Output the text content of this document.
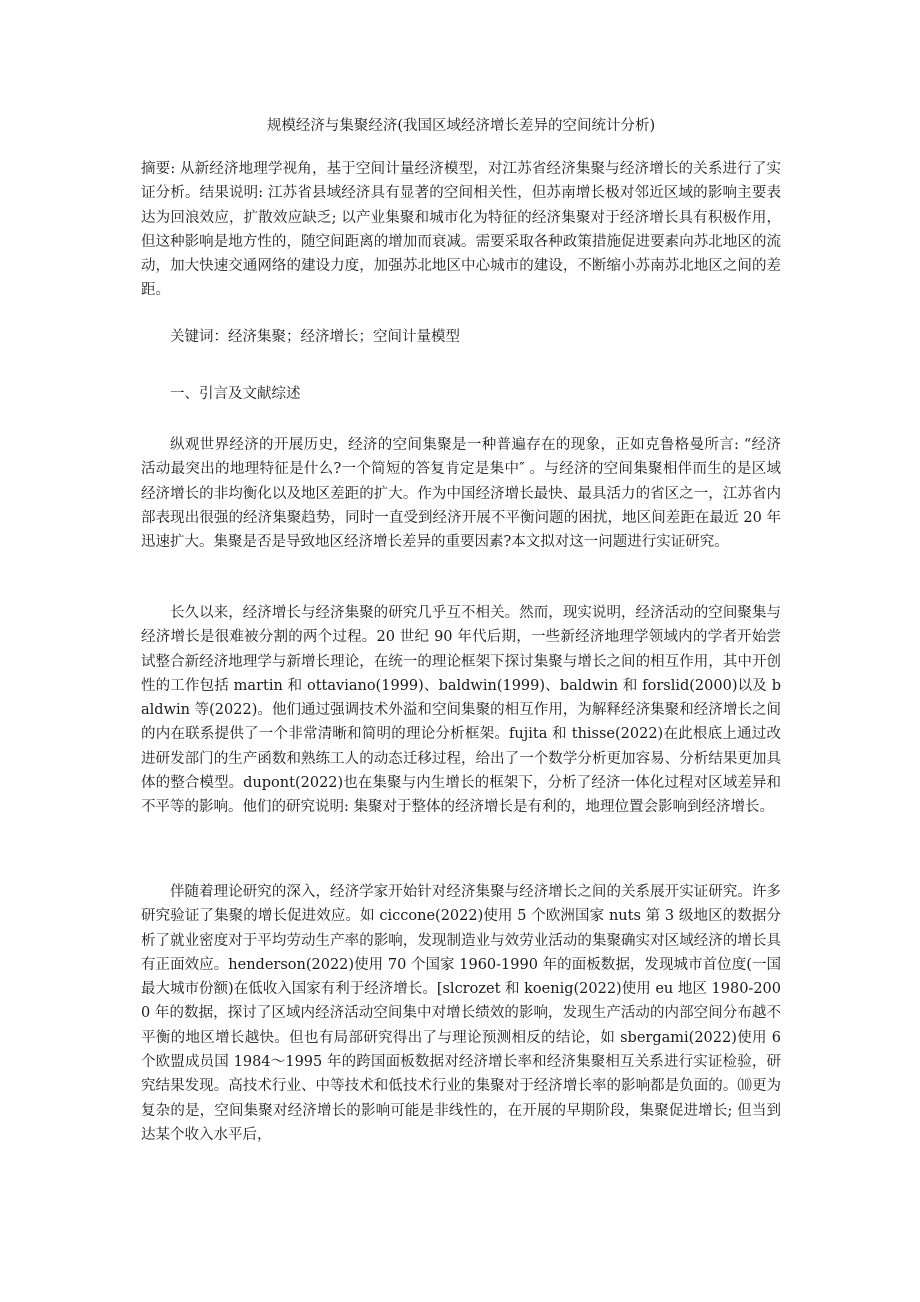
规模经济与集聚经济(我国区域经济增长差异的空间统计分析)

摘要: 从新经济地理学视角，基于空间计量经济模型，对江苏省经济集聚与经济增长的关系进行了实证分析。结果说明: 江苏省县域经济具有显著的空间相关性，但苏南增长极对邻近区域的影响主要表达为回浪效应，扩散效应缺乏; 以产业集聚和城市化为特征的经济集聚对于经济增长具有积极作用，但这种影响是地方性的，随空间距离的增加而衰减。需要采取各种政策措施促进要素向苏北地区的流动，加大快速交通网络的建设力度，加强苏北地区中心城市的建设，不断缩小苏南苏北地区之间的差距。

关键词：经济集聚；经济增长；空间计量模型

一、引言及文献综述

纵观世界经济的开展历史，经济的空间集聚是一种普遍存在的现象，正如克鲁格曼所言: “经济活动最突出的地理特征是什么?一个简短的答复肯定是集中″ 。与经济的空间集聚相伴而生的是区域经济增长的非均衡化以及地区差距的扩大。作为中国经济增长最快、最具活力的省区之一，江苏省内部表现出很强的经济集聚趋势，同时一直受到经济开展不平衡问题的困扰，地区间差距在最近 20 年迅速扩大。集聚是否是导致地区经济增长差异的重要因素?本文拟对这一问题进行实证研究。

长久以来，经济增长与经济集聚的研究几乎互不相关。然而，现实说明，经济活动的空间聚集与经济增长是很难被分割的两个过程。20 世纪 90 年代后期，一些新经济地理学领域内的学者开始尝试整合新经济地理学与新增长理论，在统一的理论框架下探讨集聚与增长之间的相互作用，其中开创性的工作包括 martin 和 ottaviano(1999)、baldwin(1999)、baldwin 和 forslid(2000)以及 baldwin 等(2022)。他们通过强调技术外溢和空间集聚的相互作用，为解释经济集聚和经济增长之间的内在联系提供了一个非常清晰和简明的理论分析框架。fujita 和 thisse(2022)在此根底上通过改进研发部门的生产函数和熟练工人的动态迁移过程，给出了一个数学分析更加容易、分析结果更加具体的整合模型。dupont(2022)也在集聚与内生增长的框架下，分析了经济一体化过程对区域差异和不平等的影响。他们的研究说明: 集聚对于整体的经济增长是有利的，地理位置会影响到经济增长。

伴随着理论研究的深入，经济学家开始针对经济集聚与经济增长之间的关系展开实证研究。许多研究验证了集聚的增长促进效应。如 ciccone(2022)使用 5 个欧洲国家 nuts 第 3 级地区的数据分析了就业密度对于平均劳动生产率的影响，发现制造业与效劳业活动的集聚确实对区域经济的增长具有正面效应。henderson(2022)使用 70 个国家 1960-1990 年的面板数据，发现城市首位度(一国最大城市份额)在低收入国家有利于经济增长。[slcrozet 和 koenig(2022)使用 eu 地区 1980-2000 年的数据，探讨了区域内经济活动空间集中对增长绩效的影响，发现生产活动的内部空间分布越不平衡的地区增长越快。但也有局部研究得出了与理论预测相反的结论，如 sbergami(2022)使用 6 个欧盟成员国 1984～1995 年的跨国面板数据对经济增长率和经济集聚相互关系进行实证检验，研究结果发现。高技术行业、中等技术和低技术行业的集聚对于经济增长率的影响都是负面的。⑽更为复杂的是，空间集聚对经济增长的影响可能是非线性的，在开展的早期阶段，集聚促进增长; 但当到达某个收入水平后，
